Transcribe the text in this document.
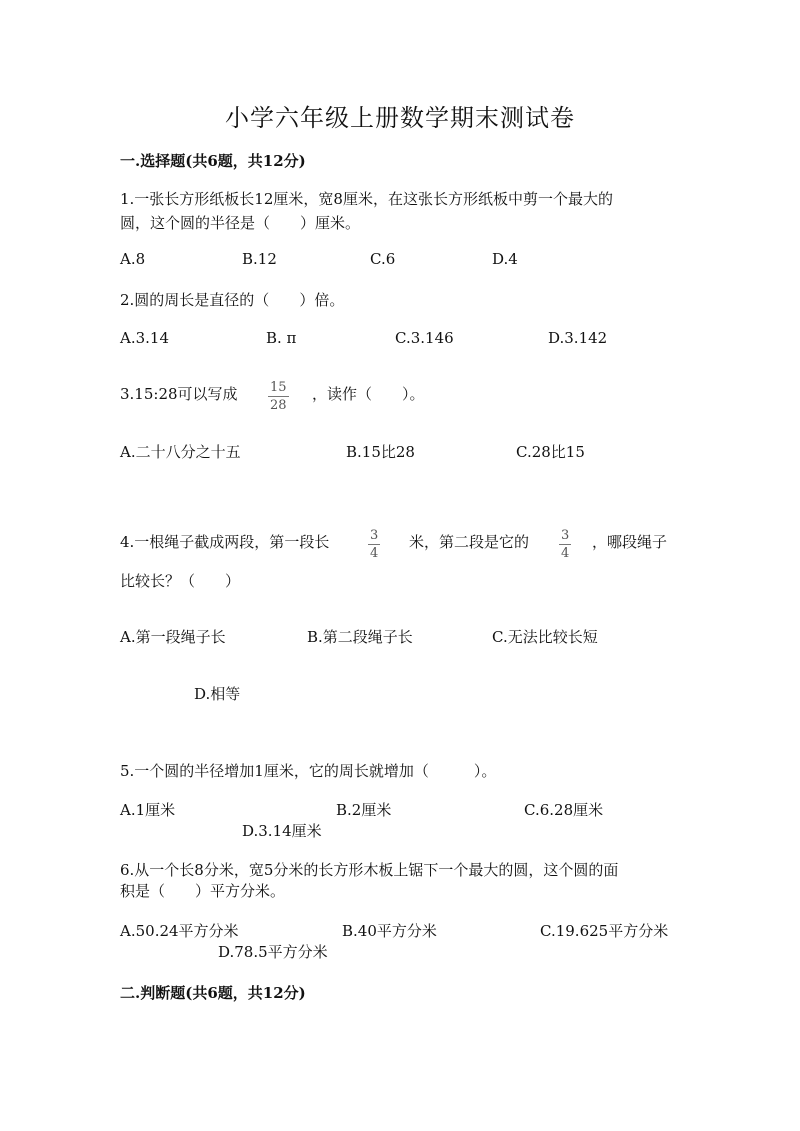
小学六年级上册数学期末测试卷
一.选择题(共6题，共12分)
1.一张长方形纸板长12厘米，宽8厘米，在这张长方形纸板中剪一个最大的
圆，这个圆的半径是（　　）厘米。
A.8	B.12	C.6	D.4
2.圆的周长是直径的（　　）倍。
A.3.14	B. π	C.3.146	D.3.142
3.15:28可以写成 $\frac{15}{28}$ ，读作（　　）。
A.二十八分之十五	B.15比28	C.28比15
4.一根绳子截成两段，第一段长	$\frac{3}{4}$ 米，第二段是它的 $\frac{3}{4}$ ，哪段绳子
比较长？（　　）
A.第一段绳子长	B.第二段绳子长	C.无法比较长短
D.相等
5.一个圆的半径增加1厘米，它的周长就增加（　　　）。
A.1厘米	B.2厘米	C.6.28厘米
D.3.14厘米
6.从一个长8分米，宽5分米的长方形木板上锯下一个最大的圆，这个圆的面
积是（　　）平方分米。
A.50.24平方分米	B.40平方分米	C.19.625平方分米
D.78.5平方分米
二.判断题(共6题，共12分)
